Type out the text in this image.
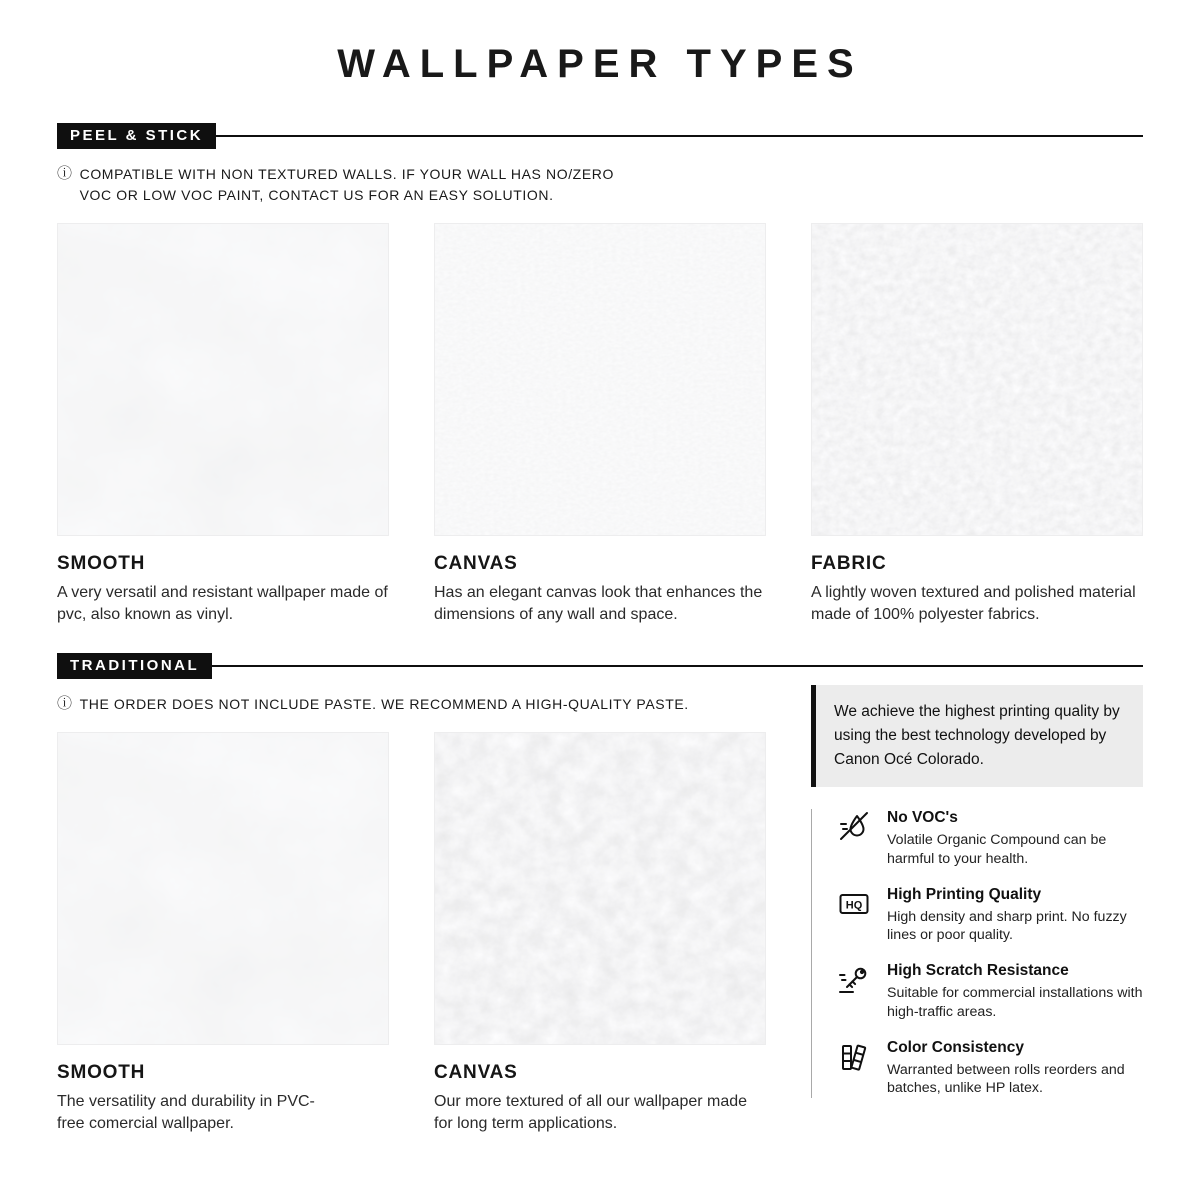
WALLPAPER TYPES
PEEL & STICK
ⓘ COMPATIBLE WITH NON TEXTURED WALLS. IF YOUR WALL HAS NO/ZERO VOC OR LOW VOC PAINT, CONTACT US FOR AN EASY SOLUTION.
SMOOTH

A very versatil and resistant wallpaper made of pvc, also known as vinyl.

CANVAS

Has an elegant canvas look that enhances the dimensions of any wall and space.

FABRIC

A lightly woven textured and polished material made of 100% polyester fabrics.

TRADITIONAL
ⓘ THE ORDER DOES NOT INCLUDE PASTE. WE RECOMMEND A HIGH-QUALITY PASTE.
SMOOTH

The versatility and durability in PVC-free comercial wallpaper.

CANVAS

Our more textured of all our wallpaper made for long term applications.

We achieve the highest printing quality by using the best technology developed by Canon Océ Colorado.
No VOC's

Volatile Organic Compound can be harmful to your health.

HQ
High Printing Quality

High density and sharp print. No fuzzy lines or poor quality.

High Scratch Resistance

Suitable for commercial installations with high-traffic areas.

Color Consistency

Warranted between rolls reorders and batches, unlike HP latex.
